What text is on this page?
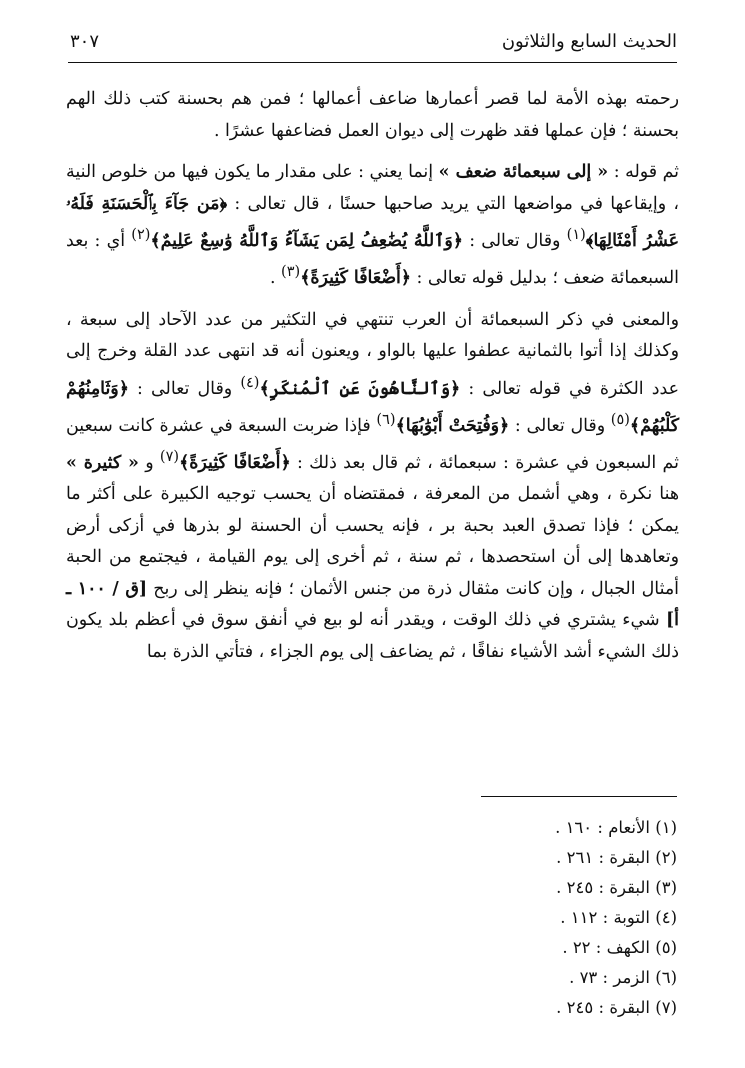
الحديث السابع والثلاثون
٣٠٧

رحمته بهذه الأمة لما قصر أعمارها ضاعف أعمالها ؛ فمن هم بحسنة كتب ذلك الهم بحسنة ؛ فإن عملها فقد ظهرت إلى ديوان العمل فضاعفها عشرًا .

ثم قوله : « إلى سبعمائة ضعف » إنما يعني : على مقدار ما يكون فيها من خلوص النية ، وإيقاعها في مواضعها التي يريد صاحبها حسنًا ، قال تعالى : ﴿مَن جَآءَ بِٱلْحَسَنَةِ فَلَهُۥ عَشْرُ أَمْثَالِهَا﴾$^{(١)}$ وقال تعالى : ﴿وَٱللَّهُ يُضَٰعِفُ لِمَن يَشَآءُ وَٱللَّهُ وَٰسِعٌ عَلِيمٌ﴾$^{(٢)}$ أي : بعد السبعمائة ضعف ؛ بدليل قوله تعالى : ﴿أَضْعَافًا كَثِيرَةً﴾$^{(٣)}$ .

والمعنى في ذكر السبعمائة أن العرب تنتهي في التكثير من عدد الآحاد إلى سبعة ، وكذلك إذا أتوا بالثمانية عطفوا عليها بالواو ، ويعنون أنه قد انتهى عدد القلة وخرج إلى عدد الكثرة في قوله تعالى : ﴿وَٱلنَّاهُونَ عَنِ ٱلْمُنكَرِ﴾$^{(٤)}$ وقال تعالى : ﴿وَثَامِنُهُمْ كَلْبُهُمْ﴾$^{(٥)}$ وقال تعالى : ﴿وَفُتِحَتْ أَبْوَٰبُهَا﴾$^{(٦)}$ فإذا ضربت السبعة في عشرة كانت سبعين ثم السبعون في عشرة : سبعمائة ، ثم قال بعد ذلك : ﴿أَضْعَافًا كَثِيرَةً﴾$^{(٧)}$ و « كثيرة » هنا نكرة ، وهي أشمل من المعرفة ، فمقتضاه أن يحسب توجيه الكبيرة على أكثر ما يمكن ؛ فإذا تصدق العبد بحبة بر ، فإنه يحسب أن الحسنة لو بذرها في أزكى أرض وتعاهدها إلى أن استحصدها ، ثم سنة ، ثم أخرى إلى يوم القيامة ، فيجتمع من الحبة أمثال الجبال ، وإن كانت مثقال ذرة من جنس الأثمان ؛ فإنه ينظر إلى ربح [ق / ١٠٠ ـ أ] شيء يشتري في ذلك الوقت ، ويقدر أنه لو بيع في أنفق سوق في أعظم بلد يكون ذلك الشيء أشد الأشياء نفاقًا ، ثم يضاعف إلى يوم الجزاء ، فتأتي الذرة بما

(١) الأنعام : ١٦٠ .
(٢) البقرة : ٢٦١ .
(٣) البقرة : ٢٤٥ .
(٤) التوبة : ١١٢ .
(٥) الكهف : ٢٢ .
(٦) الزمر : ٧٣ .
(٧) البقرة : ٢٤٥ .
